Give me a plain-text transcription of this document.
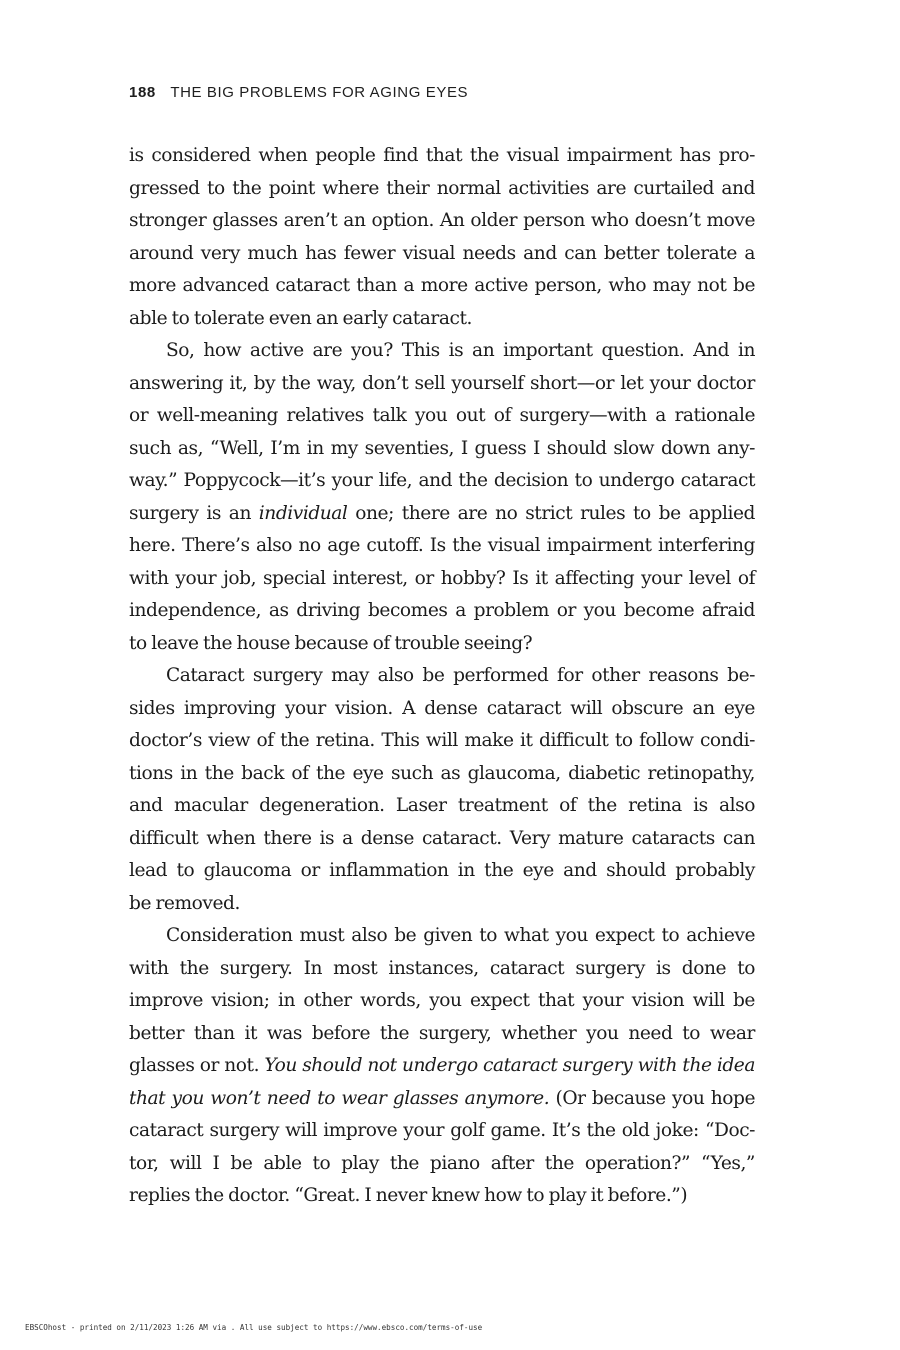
188 THE BIG PROBLEMS FOR AGING EYES
is considered when people find that the visual impairment has pro-
gressed to the point where their normal activities are curtailed and
stronger glasses aren’t an option. An older person who doesn’t move
around very much has fewer visual needs and can better tolerate a
more advanced cataract than a more active person, who may not be
able to tolerate even an early cataract.
So, how active are you? This is an important question. And in
answering it, by the way, don’t sell yourself short—or let your doctor
or well-meaning relatives talk you out of surgery—with a rationale
such as, “Well, I’m in my seventies, I guess I should slow down any-
way.” Poppycock—it’s your life, and the decision to undergo cataract
surgery is an individual one; there are no strict rules to be applied
here. There’s also no age cutoff. Is the visual impairment interfering
with your job, special interest, or hobby? Is it affecting your level of
independence, as driving becomes a problem or you become afraid
to leave the house because of trouble seeing?
Cataract surgery may also be performed for other reasons be-
sides improving your vision. A dense cataract will obscure an eye
doctor’s view of the retina. This will make it difficult to follow condi-
tions in the back of the eye such as glaucoma, diabetic retinopathy,
and macular degeneration. Laser treatment of the retina is also
difficult when there is a dense cataract. Very mature cataracts can
lead to glaucoma or inflammation in the eye and should probably
be removed.
Consideration must also be given to what you expect to achieve
with the surgery. In most instances, cataract surgery is done to
improve vision; in other words, you expect that your vision will be
better than it was before the surgery, whether you need to wear
glasses or not. You should not undergo cataract surgery with the idea
that you won’t need to wear glasses anymore. (Or because you hope
cataract surgery will improve your golf game. It’s the old joke: “Doc-
tor, will I be able to play the piano after the operation?” “Yes,”
replies the doctor. “Great. I never knew how to play it before.”)
EBSCOhost - printed on 2/11/2023 1:26 AM via . All use subject to https://www.ebsco.com/terms-of-use
